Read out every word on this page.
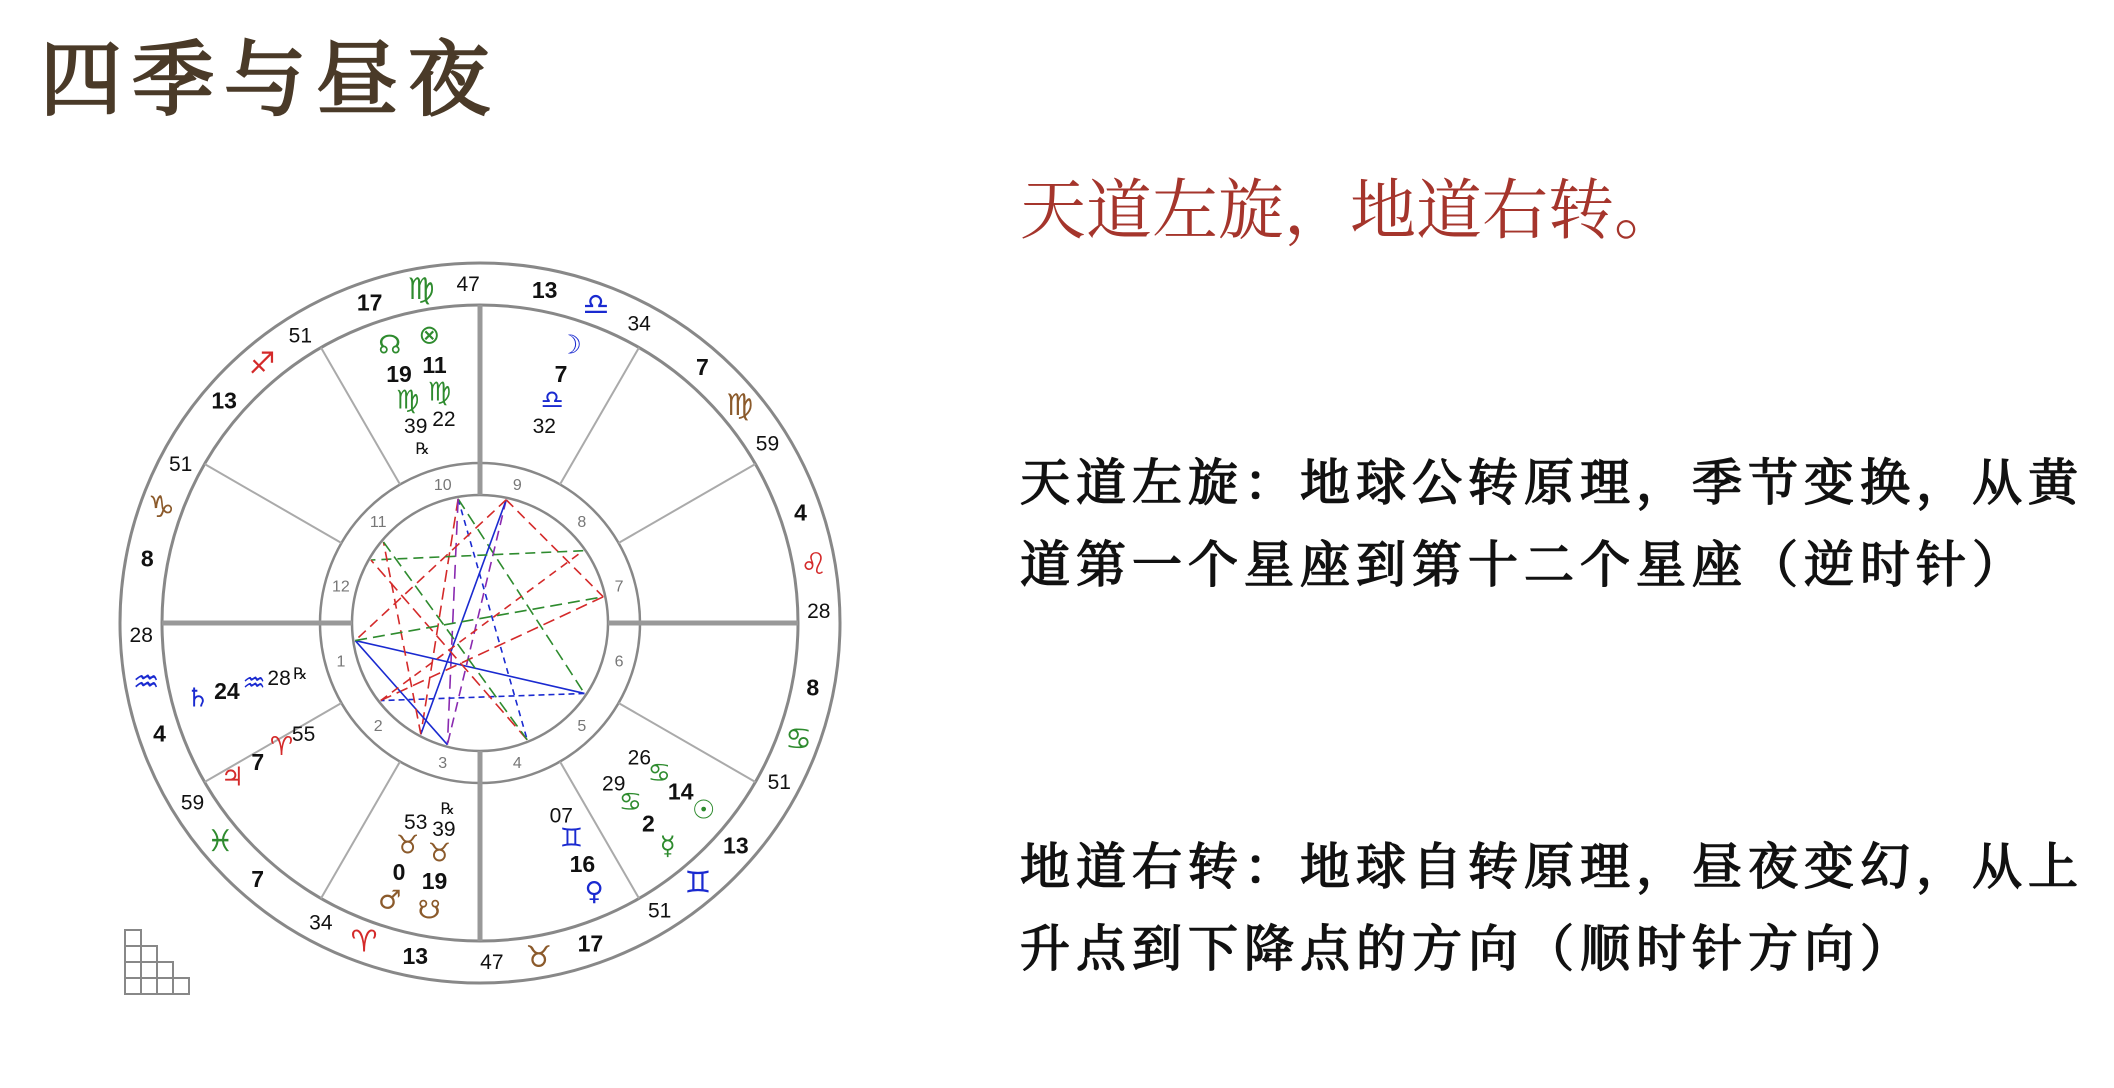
四季与昼夜
1
2
3	4
5
6
7
8
9
10
11
12
♍
17
47
♎
13
34
♍
7
59
♌
4
28
♋
8
51
♊
13
51
♉ 17
47
♈ 13
34
♓
7
59
♒
4
28
♑
8
51
♐
13
51	☊
19
♍
39
℞
⊗
11
♍
22
☽
7
♎
32
☉
14
♋
26
☿
2
♋
29
♀
16
♊
07
☋
19
♉
39
℞
♂
0
♉
53
♃
7 ♈
55
♄ 24 ♒ 28 ℞
天道左旋，地道右转。
天道左旋：地球公转原理，季节变换，从黄道第一个星座到第十二个星座（逆时针）
地道右转：地球自转原理，昼夜变幻，从上升点到下降点的方向（顺时针方向）
